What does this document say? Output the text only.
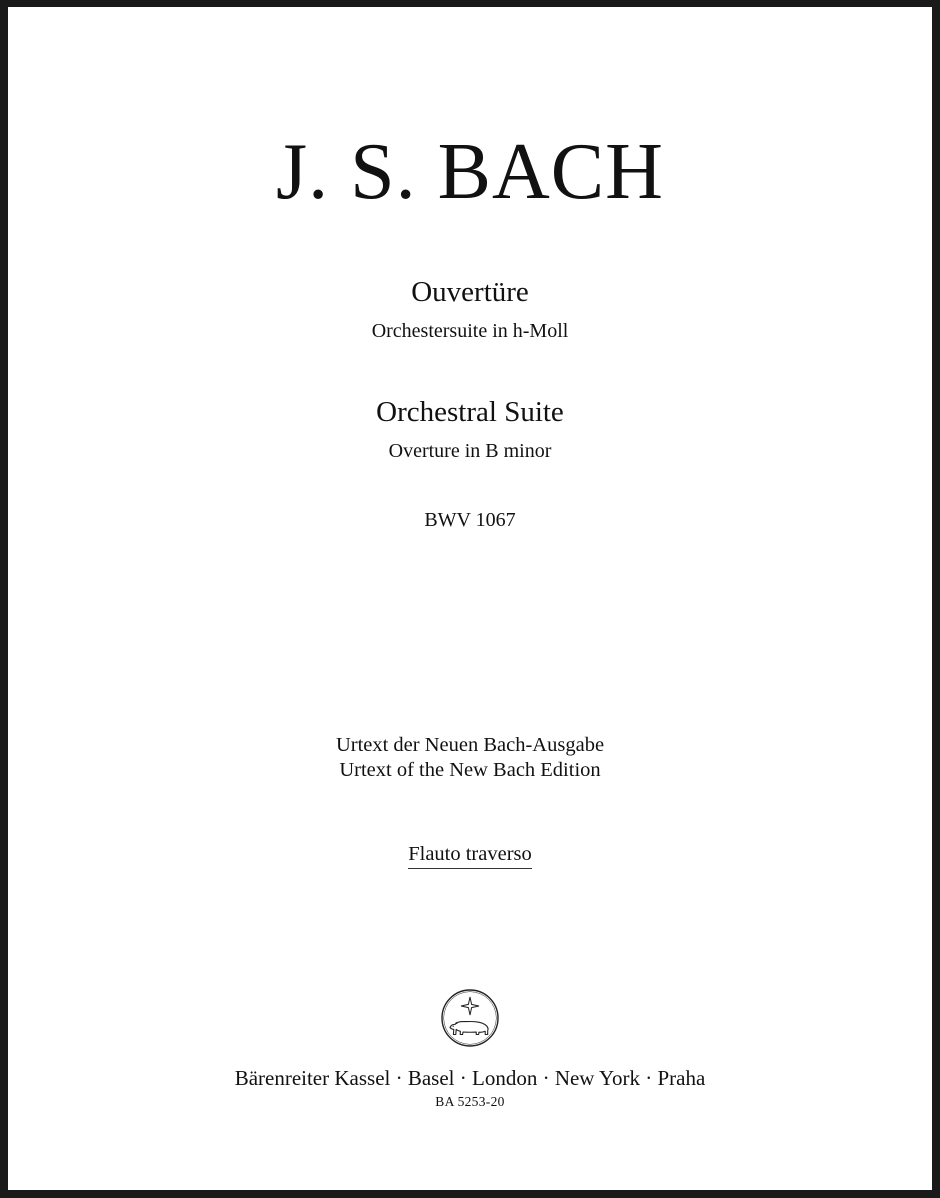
J. S. BACH
Ouvertüre
Orchestersuite in h-Moll
Orchestral Suite
Overture in B minor
BWV 1067
Urtext der Neuen Bach-Ausgabe
Urtext of the New Bach Edition
Flauto traverso
Bärenreiter Kassel · Basel · London · New York · Praha
BA 5253-20
